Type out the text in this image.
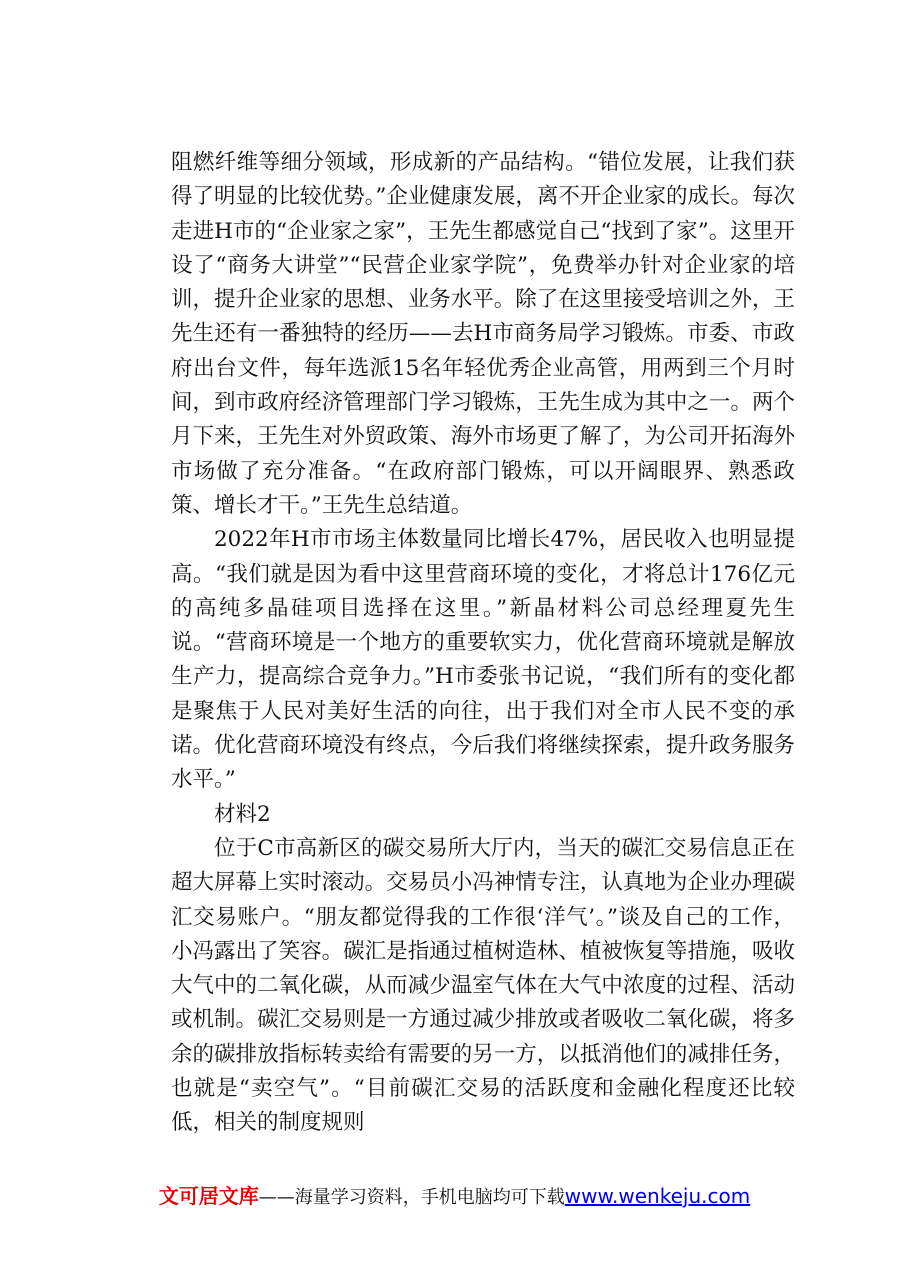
阻燃纤维等细分领域，形成新的产品结构。“错位发展，让我们获得了明显的比较优势。”企业健康发展，离不开企业家的成长。每次走进H市的“企业家之家”，王先生都感觉自己“找到了家”。这里开设了“商务大讲堂”“民营企业家学院”，免费举办针对企业家的培训，提升企业家的思想、业务水平。除了在这里接受培训之外，王先生还有一番独特的经历——去H市商务局学习锻炼。市委、市政府出台文件，每年选派15名年轻优秀企业高管，用两到三个月时间，到市政府经济管理部门学习锻炼，王先生成为其中之一。两个月下来，王先生对外贸政策、海外市场更了解了，为公司开拓海外市场做了充分准备。“在政府部门锻炼，可以开阔眼界、熟悉政策、增长才干。”王先生总结道。

2022年H市市场主体数量同比增长47%，居民收入也明显提高。“我们就是因为看中这里营商环境的变化，才将总计176亿元的高纯多晶硅项目选择在这里。”新晶材料公司总经理夏先生说。“营商环境是一个地方的重要软实力，优化营商环境就是解放生产力，提高综合竞争力。”H市委张书记说，“我们所有的变化都是聚焦于人民对美好生活的向往，出于我们对全市人民不变的承诺。优化营商环境没有终点，今后我们将继续探索，提升政务服务水平。”

材料2

位于C市高新区的碳交易所大厅内，当天的碳汇交易信息正在超大屏幕上实时滚动。交易员小冯神情专注，认真地为企业办理碳汇交易账户。“朋友都觉得我的工作很‘洋气’。”谈及自己的工作，小冯露出了笑容。碳汇是指通过植树造林、植被恢复等措施，吸收大气中的二氧化碳，从而减少温室气体在大气中浓度的过程、活动或机制。碳汇交易则是一方通过减少排放或者吸收二氧化碳，将多余的碳排放指标转卖给有需要的另一方，以抵消他们的减排任务，也就是“卖空气”。“目前碳汇交易的活跃度和金融化程度还比较低，相关的制度规则

文可居文库——海量学习资料，手机电脑均可下载www.wenkeju.com
